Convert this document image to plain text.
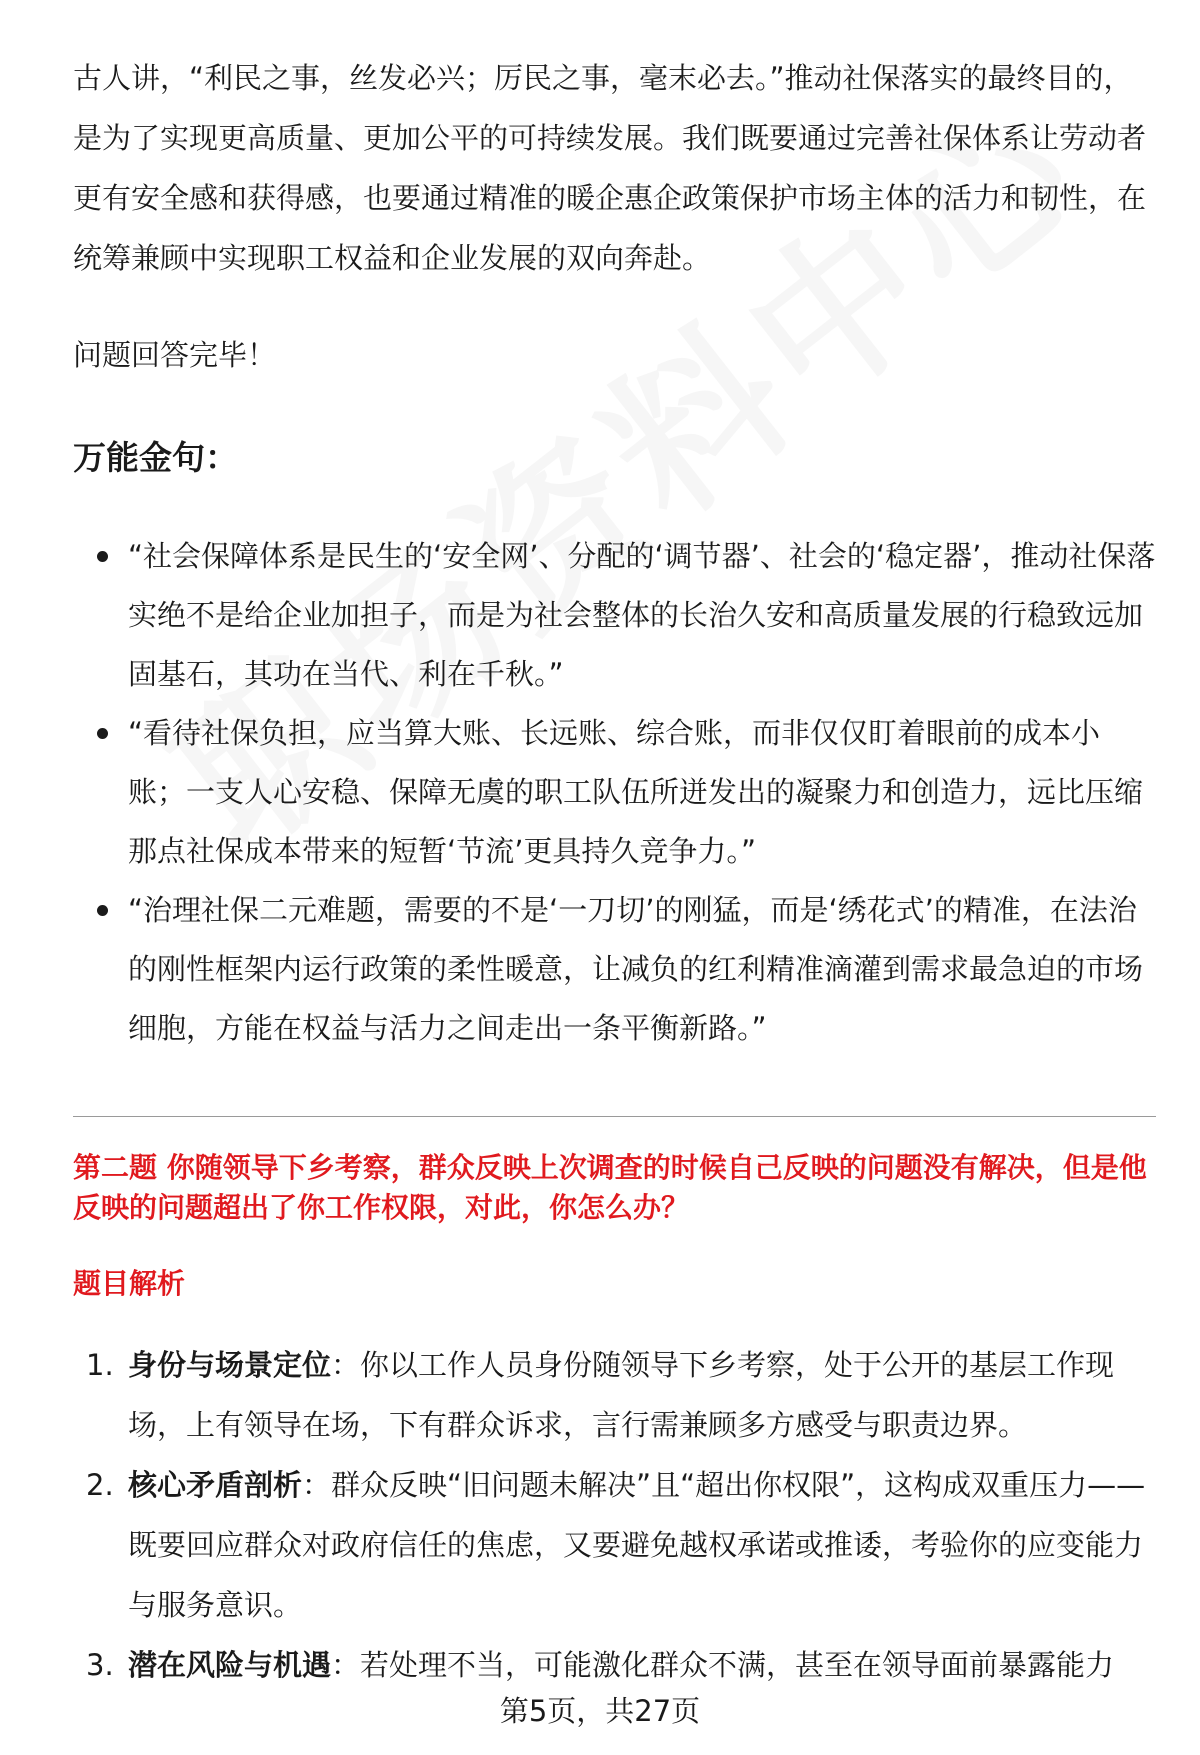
古人讲，“利民之事，丝发必兴；厉民之事，毫末必去。”推动社保落实的最终目的，是为了实现更高质量、更加公平的可持续发展。我们既要通过完善社保体系让劳动者更有安全感和获得感，也要通过精准的暖企惠企政策保护市场主体的活力和韧性，在统筹兼顾中实现职工权益和企业发展的双向奔赴。

问题回答完毕！

万能金句：
“社会保障体系是民生的‘安全网’、分配的‘调节器’、社会的‘稳定器’，推动社保落实绝不是给企业加担子，而是为社会整体的长治久安和高质量发展的行稳致远加固基石，其功在当代、利在千秋。”
“看待社保负担，应当算大账、长远账、综合账，而非仅仅盯着眼前的成本小账；一支人心安稳、保障无虞的职工队伍所迸发出的凝聚力和创造力，远比压缩那点社保成本带来的短暂‘节流’更具持久竞争力。”
“治理社保二元难题，需要的不是‘一刀切’的刚猛，而是‘绣花式’的精准，在法治的刚性框架内运行政策的柔性暖意，让减负的红利精准滴灌到需求最急迫的市场细胞，方能在权益与活力之间走出一条平衡新路。”

第二题 你随领导下乡考察，群众反映上次调查的时候自己反映的问题没有解决，但是他反映的问题超出了你工作权限，对此，你怎么办？

题目解析

1. 身份与场景定位：你以工作人员身份随领导下乡考察，处于公开的基层工作现场，上有领导在场，下有群众诉求，言行需兼顾多方感受与职责边界。
2. 核心矛盾剖析：群众反映“旧问题未解决”且“超出你权限”，这构成双重压力——既要回应群众对政府信任的焦虑，又要避免越权承诺或推诿，考验你的应变能力与服务意识。
3. 潜在风险与机遇：若处理不当，可能激化群众不满，甚至在领导面前暴露能力
第5页，共27页
